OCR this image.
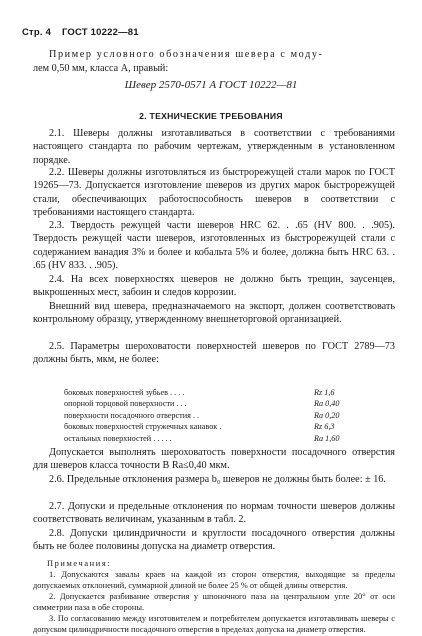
Стр. 4 ГОСТ 10222—81
Пример условного обозначения шевера с моду-
лем 0,50 мм, класса А, правый:
Шевер 2570-0571 А ГОСТ 10222—81
2. ТЕХНИЧЕСКИЕ ТРЕБОВАНИЯ

2.1. Шеверы должны изготавливаться в соответствии с требованиями настоящего стандарта по рабочим чертежам, утвержденным в установленном порядке.

2.2. Шеверы должны изготовляться из быстрорежущей стали марок по ГОСТ 19265—73. Допускается изготовление шеверов из других марок быстрорежущей стали, обеспечивающих работоспособность шеверов в соответствии с требованиями настоящего стандарта.

2.3. Твердость режущей части шеверов HRC 62. . .65 (HV 800. . .905). Твердость режущей части шеверов, изготовленных из быстрорежущей стали с содержанием ванадия 3% и более и кобальта 5% и более, должна быть HRC 63. . .65 (HV 833. . .905).

2.4. На всех поверхностях шеверов не должно быть трещин, заусенцев, выкрошенных мест, забоин и следов коррозии.

Внешний вид шевера, предназначаемого на экспорт, должен соответствовать контрольному образцу, утвержденному внешнеторговой организацией.

2.5. Параметры шероховатости поверхностей шеверов по ГОСТ 2789—73 должны быть, мкм, не более:

боковых поверхностей зубьев . . . .	Rz 1,6
опорной торцовой поверхности . . .	Ra 0,40
поверхности посадочного отверстия . .	Ra 0,20
боковых поверхностей стружечных канавок .	Rz 6,3
остальных поверхностей . . . . .	Ra 1,60

Допускается выполнять шероховатость поверхности посадочного отверстия для шеверов класса точности В Ra≤0,40 мкм.

2.6. Предельные отклонения размера b₀ шеверов не должны быть более: ± 16.

2.7. Допуски и предельные отклонения по нормам точности шеверов должны соответствовать величинам, указанным в табл. 2.

2.8. Допуски цилиндричности и круглости посадочного отверстия должны быть не более половины допуска на диаметр отверстия.

Примечания:

1. Допускаются завалы краев на каждой из сторон отверстия, выходящие за пределы допускаемых отклонений, суммарной длиной не более 25 % от общей длины отверстия.

2. Допускается разбивание отверстия у шпоночного паза на центральном угле 20° от оси симметрии паза в обе стороны.

3. По согласованию между изготовителем и потребителем допускается изготавливать шеверы с допуском цилиндричности посадочного отверстия в пределах допуска на диаметр отверстия.
